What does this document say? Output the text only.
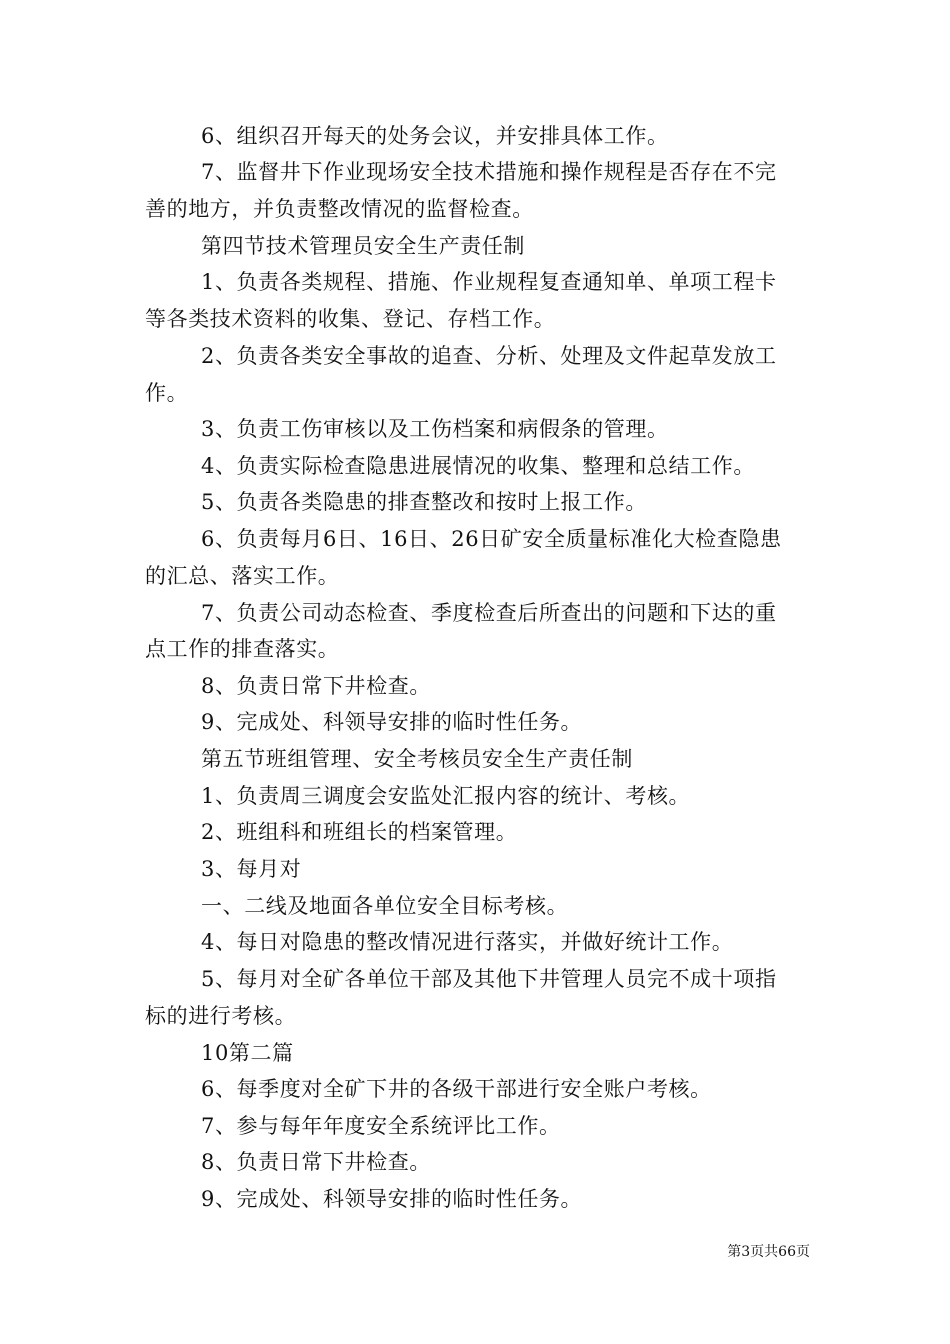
6、组织召开每天的处务会议，并安排具体工作。
7、监督井下作业现场安全技术措施和操作规程是否存在不完
善的地方，并负责整改情况的监督检查。
第四节技术管理员安全生产责任制
1、负责各类规程、措施、作业规程复查通知单、单项工程卡
等各类技术资料的收集、登记、存档工作。
2、负责各类安全事故的追查、分析、处理及文件起草发放工
作。
3、负责工伤审核以及工伤档案和病假条的管理。
4、负责实际检查隐患进展情况的收集、整理和总结工作。
5、负责各类隐患的排查整改和按时上报工作。
6、负责每月6日、16日、26日矿安全质量标准化大检查隐患
的汇总、落实工作。
7、负责公司动态检查、季度检查后所查出的问题和下达的重
点工作的排查落实。
8、负责日常下井检查。
9、完成处、科领导安排的临时性任务。
第五节班组管理、安全考核员安全生产责任制
1、负责周三调度会安监处汇报内容的统计、考核。
2、班组科和班组长的档案管理。
3、每月对
一、二线及地面各单位安全目标考核。
4、每日对隐患的整改情况进行落实，并做好统计工作。
5、每月对全矿各单位干部及其他下井管理人员完不成十项指
标的进行考核。
10第二篇
6、每季度对全矿下井的各级干部进行安全账户考核。
7、参与每年年度安全系统评比工作。
8、负责日常下井检查。
9、完成处、科领导安排的临时性任务。
第3页共66页
